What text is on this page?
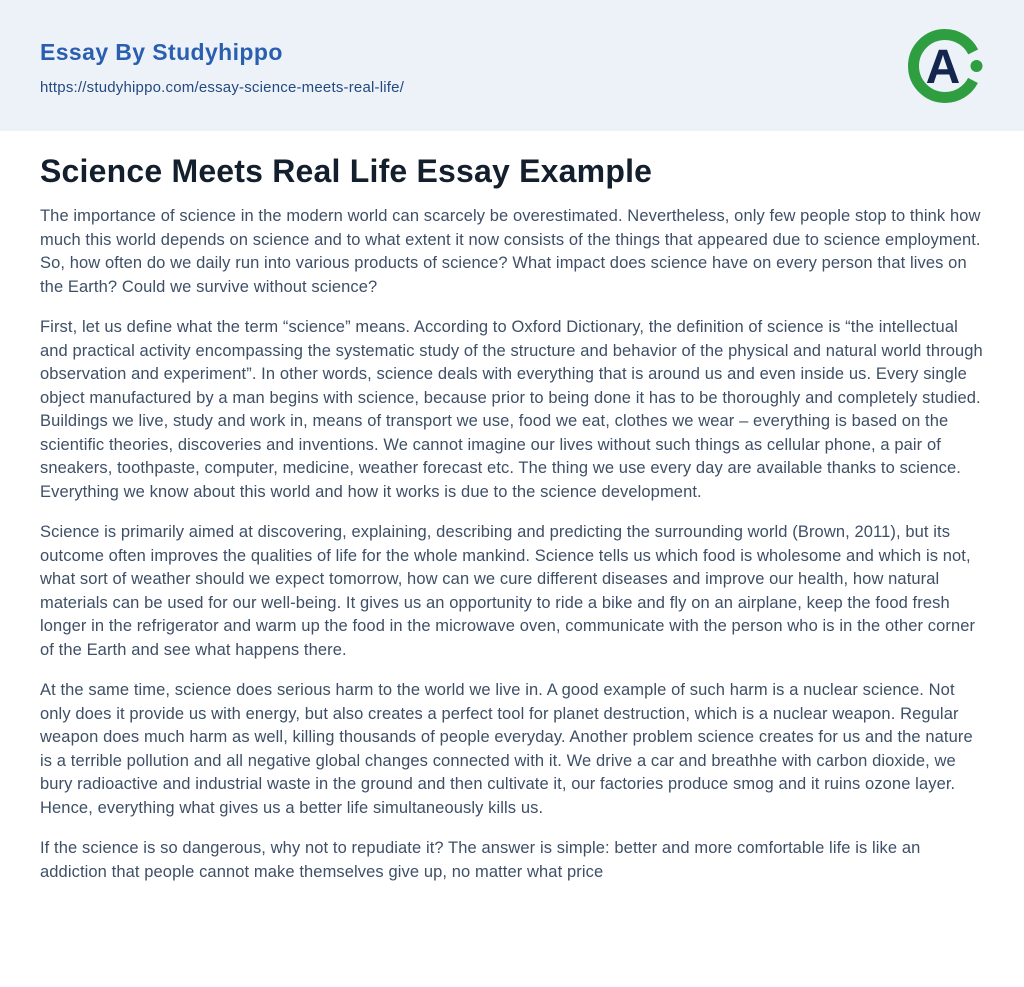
Essay By Studyhippo
https://studyhippo.com/essay-science-meets-real-life/	A
Science Meets Real Life Essay Example

The importance of science in the modern world can scarcely be overestimated. Nevertheless, only few people stop to think how much this world depends on science and to what extent it now consists of the things that appeared due to science employment. So, how often do we daily run into various products of science? What impact does science have on every person that lives on the Earth? Could we survive without science?

First, let us define what the term “science” means. According to Oxford Dictionary, the definition of science is “the intellectual and practical activity encompassing the systematic study of the structure and behavior of the physical and natural world through observation and experiment”. In other words, science deals with everything that is around us and even inside us. Every single object manufactured by a man begins with science, because prior to being done it has to be thoroughly and completely studied. Buildings we live, study and work in, means of transport we use, food we eat, clothes we wear – everything is based on the scientific theories, discoveries and inventions. We cannot imagine our lives without such things as cellular phone, a pair of sneakers, toothpaste, computer, medicine, weather forecast etc. The thing we use every day are available thanks to science. Everything we know about this world and how it works is due to the science development.

Science is primarily aimed at discovering, explaining, describing and predicting the surrounding world (Brown, 2011), but its outcome often improves the qualities of life for the whole mankind. Science tells us which food is wholesome and which is not, what sort of weather should we expect tomorrow, how can we cure different diseases and improve our health, how natural materials can be used for our well-being. It gives us an opportunity to ride a bike and fly on an airplane, keep the food fresh longer in the refrigerator and warm up the food in the microwave oven, communicate with the person who is in the other corner of the Earth and see what happens there.

At the same time, science does serious harm to the world we live in. A good example of such harm is a nuclear science. Not only does it provide us with energy, but also creates a perfect tool for planet destruction, which is a nuclear weapon. Regular weapon does much harm as well, killing thousands of people everyday. Another problem science creates for us and the nature is a terrible pollution and all negative global changes connected with it. We drive a car and breathhe with carbon dioxide, we bury radioactive and industrial waste in the ground and then cultivate it, our factories produce smog and it ruins ozone layer. Hence, everything what gives us a better life simultaneously kills us.

If the science is so dangerous, why not to repudiate it? The answer is simple: better and more comfortable life is like an addiction that people cannot make themselves give up, no matter what price
